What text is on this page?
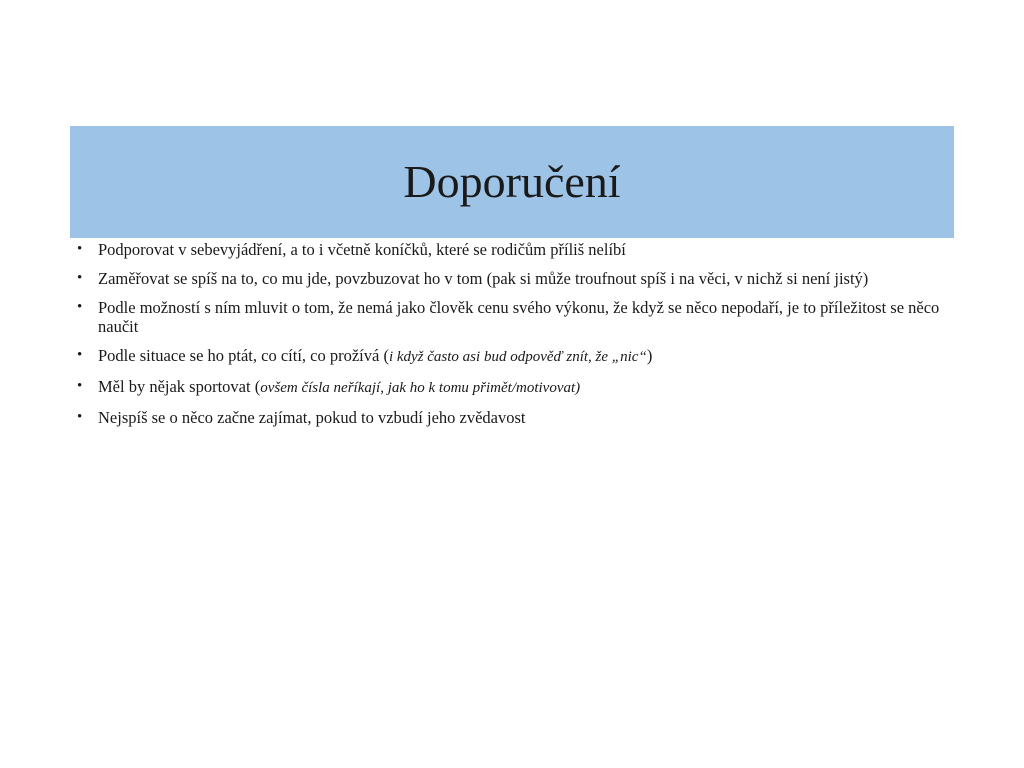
Doporučení
• Podporovat v sebevyjádření, a to i včetně koníčků, které se rodičům příliš nelíbí
• Zaměřovat se spíš na to, co mu jde, povzbuzovat ho v tom (pak si může troufnout spíš i na věci, v nichž si není jistý)
• Podle možností s ním mluvit o tom, že nemá jako člověk cenu svého výkonu, že když se něco nepodaří, je to příležitost se něco naučit
• Podle situace se ho ptát, co cítí, co prožívá (i když často asi bud odpověď znít, že „nic“)
• Měl by nějak sportovat (ovšem čísla neříkají, jak ho k tomu přimět/motivovat)
• Nejspíš se o něco začne zajímat, pokud to vzbudí jeho zvědavost
